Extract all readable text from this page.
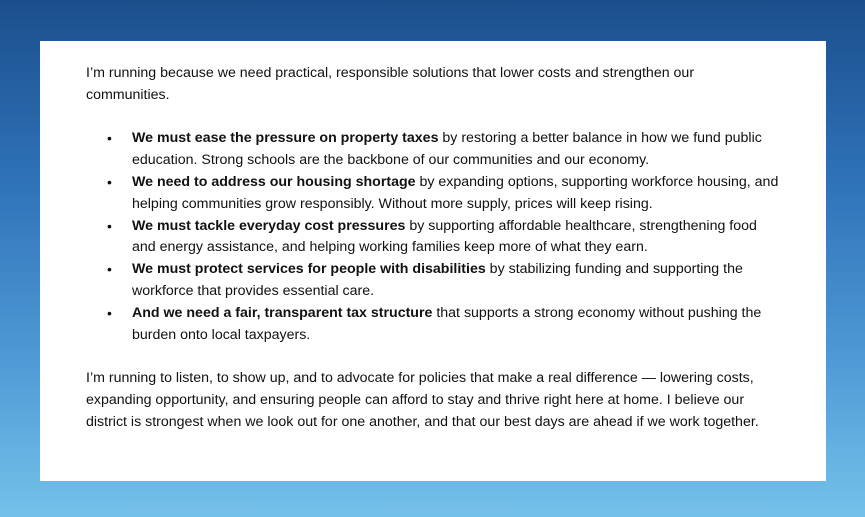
I’m running because we need practical, responsible solutions that lower costs and strengthen our communities.

• We must ease the pressure on property taxes by restoring a better balance in how we fund public education. Strong schools are the backbone of our communities and our economy.
• We need to address our housing shortage by expanding options, supporting workforce housing, and helping communities grow responsibly. Without more supply, prices will keep rising.
• We must tackle everyday cost pressures by supporting affordable healthcare, strengthening food and energy assistance, and helping working families keep more of what they earn.
• We must protect services for people with disabilities by stabilizing funding and supporting the workforce that provides essential care.
• And we need a fair, transparent tax structure that supports a strong economy without pushing the burden onto local taxpayers.

I’m running to listen, to show up, and to advocate for policies that make a real difference — lowering costs, expanding opportunity, and ensuring people can afford to stay and thrive right here at home. I believe our district is strongest when we look out for one another, and that our best days are ahead if we work together.
